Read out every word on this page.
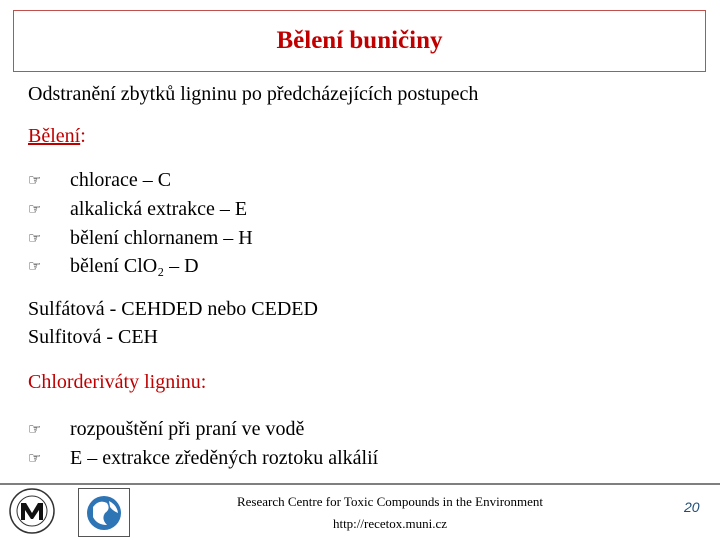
Bělení buničiny
Odstranění zbytků ligninu po předcházejících postupech
Bělení:
☞ chlorace – C
☞ alkalická extrakce – E
☞ bělení chlornanem – H
☞ bělení ClO₂ – D
Sulfátová - CEHDED nebo CEDED
Sulfitová - CEH
Chlorderiváty ligninu:
☞ rozpouštění při praní ve vodě
☞ E – extrakce zředěných roztoku alkálií
Research Centre for Toxic Compounds in the Environment
http://recetox.muni.cz
20
